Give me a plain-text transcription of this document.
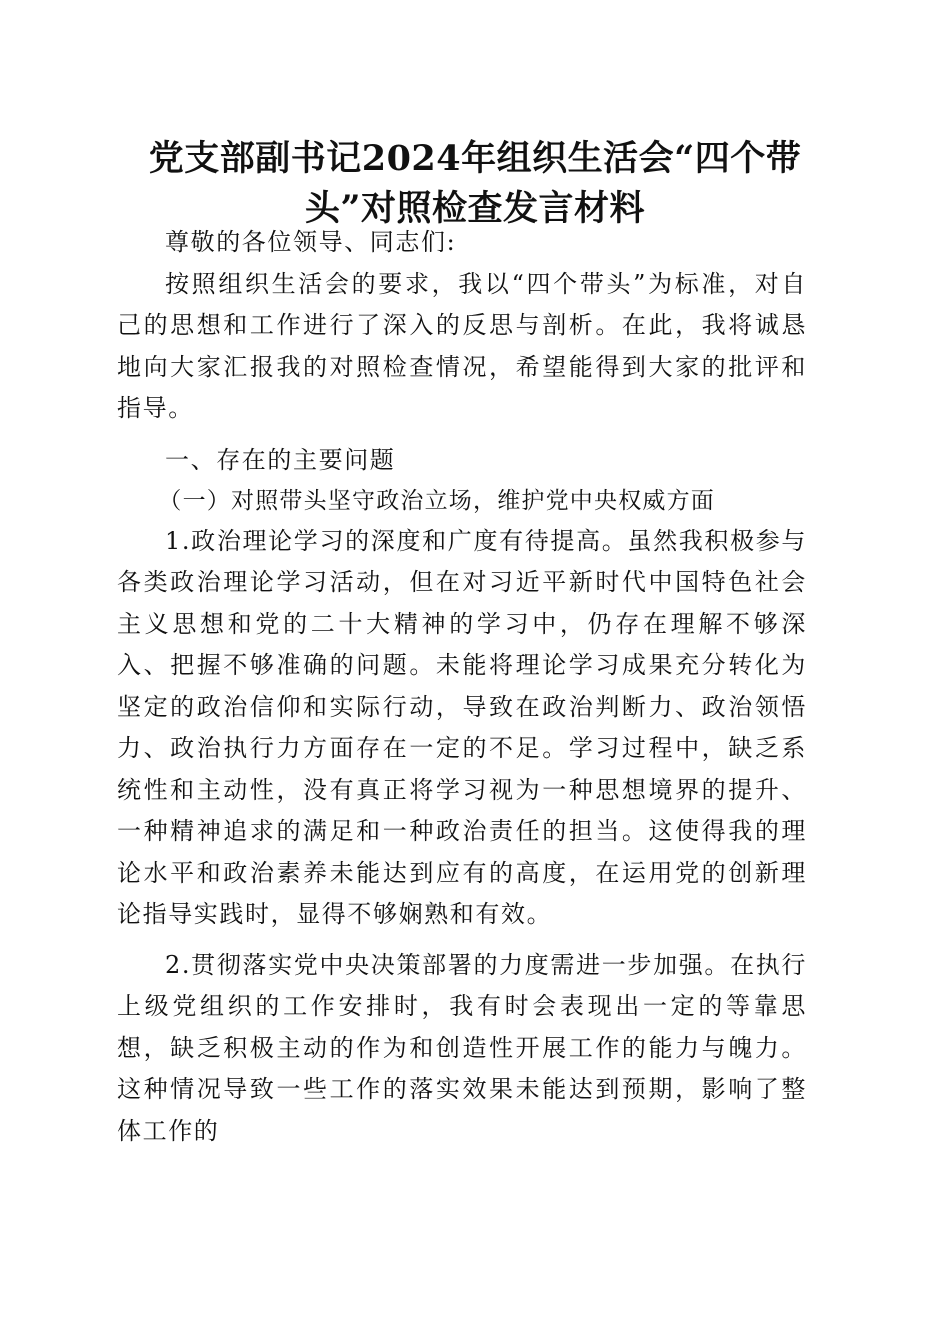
党支部副书记2024年组织生活会“四个带头”对照检查发言材料

尊敬的各位领导、同志们:

按照组织生活会的要求，我以“四个带头”为标准，对自己的思想和工作进行了深入的反思与剖析。在此，我将诚恳地向大家汇报我的对照检查情况，希望能得到大家的批评和指导。

一、存在的主要问题
（一）对照带头坚守政治立场，维护党中央权威方面

1.政治理论学习的深度和广度有待提高。虽然我积极参与各类政治理论学习活动，但在对习近平新时代中国特色社会主义思想和党的二十大精神的学习中，仍存在理解不够深入、把握不够准确的问题。未能将理论学习成果充分转化为坚定的政治信仰和实际行动，导致在政治判断力、政治领悟力、政治执行力方面存在一定的不足。学习过程中，缺乏系统性和主动性，没有真正将学习视为一种思想境界的提升、一种精神追求的满足和一种政治责任的担当。这使得我的理论水平和政治素养未能达到应有的高度，在运用党的创新理论指导实践时，显得不够娴熟和有效。

2.贯彻落实党中央决策部署的力度需进一步加强。在执行上级党组织的工作安排时，我有时会表现出一定的等靠思想，缺乏积极主动的作为和创造性开展工作的能力与魄力。这种情况导致一些工作的落实效果未能达到预期，影响了整体工作的
